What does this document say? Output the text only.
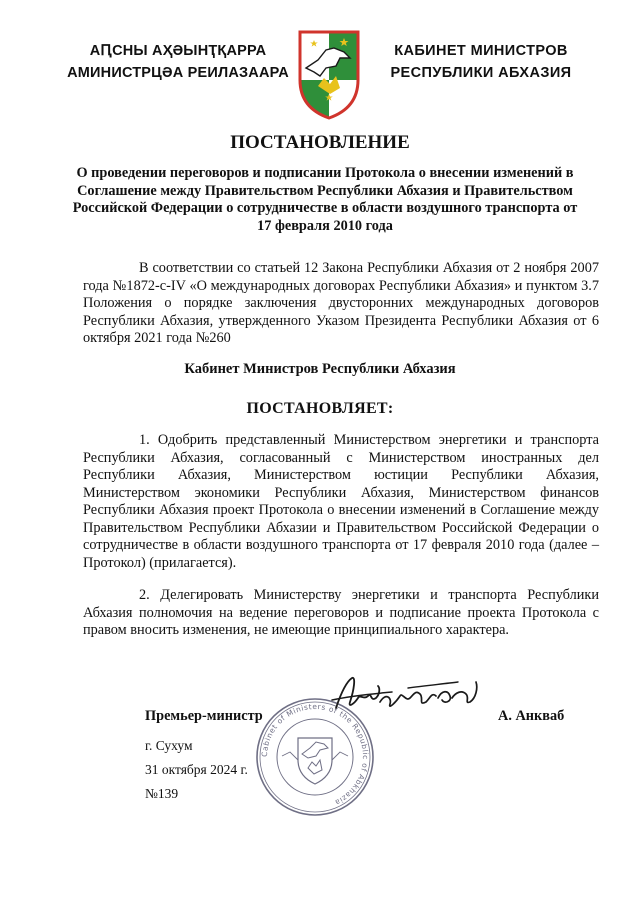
АԤСНЫ АҲӘЫНҬҚАРРА
АМИНИСТРЦӘА РЕИЛАЗААРА
КАБИНЕТ МИНИСТРОВ
РЕСПУБЛИКИ АБХАЗИЯ
ПОСТАНОВЛЕНИЕ
О проведении переговоров и подписании Протокола о внесении изменений в Соглашение между Правительством Республики Абхазия и Правительством Российской Федерации о сотрудничестве в области воздушного транспорта от 17 февраля 2010 года
В соответствии со статьей 12 Закона Республики Абхазия от 2 ноября 2007 года №1872-с-IV «О международных договорах Республики Абхазия» и пунктом 3.7 Положения о порядке заключения двусторонних международных договоров Республики Абхазия, утвержденного Указом Президента Республики Абхазия от 6 октября 2021 года №260
Кабинет Министров Республики Абхазия
ПОСТАНОВЛЯЕТ:
1. Одобрить представленный Министерством энергетики и транспорта Республики Абхазия, согласованный с Министерством иностранных дел Республики Абхазия, Министерством юстиции Республики Абхазия, Министерством экономики Республики Абхазия, Министерством финансов Республики Абхазия проект Протокола о внесении изменений в Соглашение между Правительством Республики Абхазии и Правительством Российской Федерации о сотрудничестве в области воздушного транспорта от 17 февраля 2010 года (далее – Протокол) (прилагается).
2. Делегировать Министерству энергетики и транспорта Республики Абхазия полномочия на ведение переговоров и подписание проекта Протокола с правом вносить изменения, не имеющие принципиального характера.
Cabinet of Ministers of the Republic of Abkhazia
Премьер-министр	А. Анкваб
г. Сухум
31 октября 2024 г.
№139
